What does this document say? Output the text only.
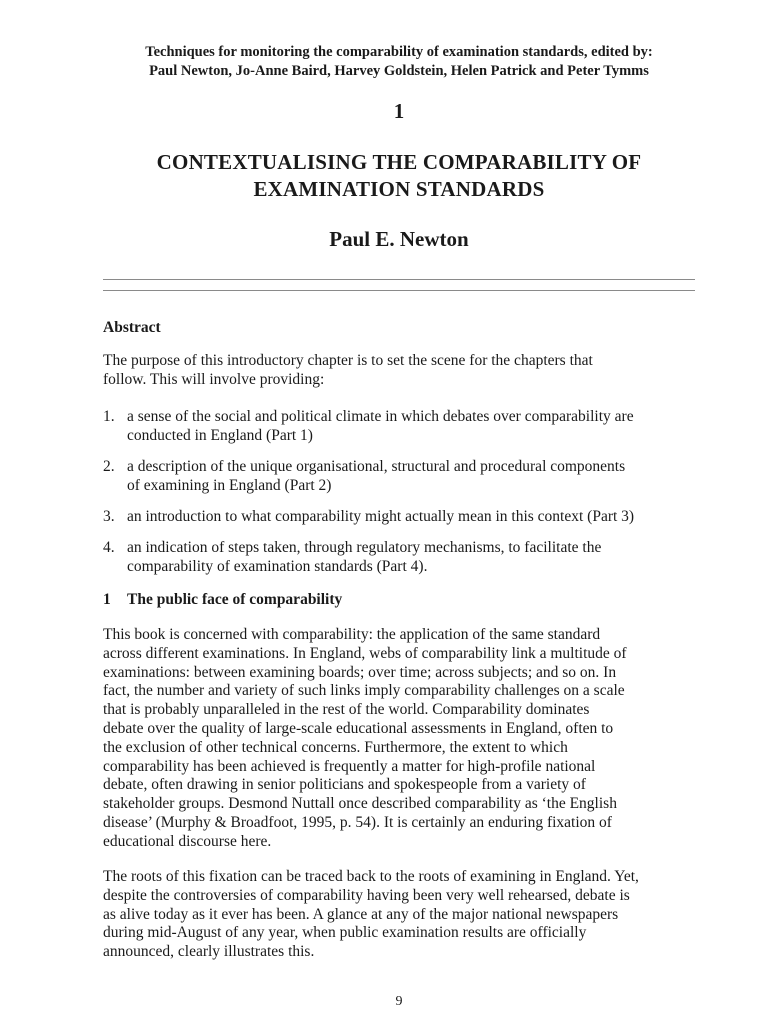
Techniques for monitoring the comparability of examination standards, edited by:
Paul Newton, Jo-Anne Baird, Harvey Goldstein, Helen Patrick and Peter Tymms
1
CONTEXTUALISING THE COMPARABILITY OF
EXAMINATION STANDARDS
Paul E. Newton
Abstract
The purpose of this introductory chapter is to set the scene for the chapters that
follow. This will involve providing:
1. a sense of the social and political climate in which debates over comparability are
conducted in England (Part 1)
2. a description of the unique organisational, structural and procedural components
of examining in England (Part 2)
3. an introduction to what comparability might actually mean in this context (Part 3)
4. an indication of steps taken, through regulatory mechanisms, to facilitate the
comparability of examination standards (Part 4).
1 The public face of comparability
This book is concerned with comparability: the application of the same standard
across different examinations. In England, webs of comparability link a multitude of
examinations: between examining boards; over time; across subjects; and so on. In
fact, the number and variety of such links imply comparability challenges on a scale
that is probably unparalleled in the rest of the world. Comparability dominates
debate over the quality of large-scale educational assessments in England, often to
the exclusion of other technical concerns. Furthermore, the extent to which
comparability has been achieved is frequently a matter for high-profile national
debate, often drawing in senior politicians and spokespeople from a variety of
stakeholder groups. Desmond Nuttall once described comparability as ‘the English
disease’ (Murphy & Broadfoot, 1995, p. 54). It is certainly an enduring fixation of
educational discourse here.
The roots of this fixation can be traced back to the roots of examining in England. Yet,
despite the controversies of comparability having been very well rehearsed, debate is
as alive today as it ever has been. A glance at any of the major national newspapers
during mid-August of any year, when public examination results are officially
announced, clearly illustrates this.
9
